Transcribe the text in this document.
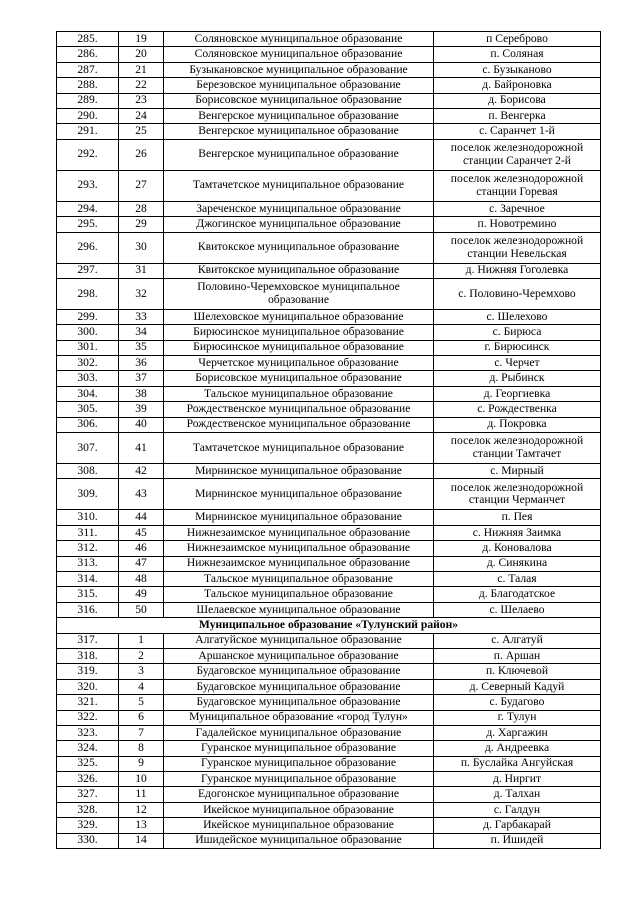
285.	19	Соляновское муниципальное образование	п Сереброво
286.	20	Соляновское муниципальное образование	п. Соляная
287.	21	Бузыкановское муниципальное образование	с. Бузыканово
288.	22	Березовское муниципальное образование	д. Байроновка
289.	23	Борисовское муниципальное образование	д. Борисова
290.	24	Венгерское муниципальное образование	п. Венгерка
291.	25	Венгерское муниципальное образование	с. Саранчет 1-й
292.	26	Венгерское муниципальное образование	поселок железнодорожной станции Саранчет 2-й
293.	27	Тамтачетское муниципальное образование	поселок железнодорожной станции Горевая
294.	28	Зареченское муниципальное образование	с. Заречное
295.	29	Джогинское муниципальное образование	п. Новотремино
296.	30	Квитокское муниципальное образование	поселок железнодорожной станции Невельская
297.	31	Квитокское муниципальное образование	д. Нижняя Гоголевка
298.	32	Половино-Черемховское муниципальное образование	с. Половино-Черемхово
299.	33	Шелеховское муниципальное образование	с. Шелехово
300.	34	Бирюсинское муниципальное образование	с. Бирюса
301.	35	Бирюсинское муниципальное образование	г. Бирюсинск
302.	36	Черчетское муниципальное образование	с. Черчет
303.	37	Борисовское муниципальное образование	д. Рыбинск
304.	38	Тальское муниципальное образование	д. Георгиевка
305.	39	Рождественское муниципальное образование	с. Рождественка
306.	40	Рождественское муниципальное образование	д. Покровка
307.	41	Тамтачетское муниципальное образование	поселок железнодорожной станции Тамтачет
308.	42	Мирнинское муниципальное образование	с. Мирный
309.	43	Мирнинское муниципальное образование	поселок железнодорожной станции Черманчет
310.	44	Мирнинское муниципальное образование	п. Пея
311.	45	Нижнезаимское муниципальное образование	с. Нижняя Заимка
312.	46	Нижнезаимское муниципальное образование	д. Коновалова
313.	47	Нижнезаимское муниципальное образование	д. Синякина
314.	48	Тальское муниципальное образование	с. Талая
315.	49	Тальское муниципальное образование	д. Благодатское
316.	50	Шелаевское муниципальное образование	с. Шелаево
Муниципальное образование «Тулунский район»			
317.	1	Алгатуйское муниципальное образование	с. Алгатуй
318.	2	Аршанское муниципальное образование	п. Аршан
319.	3	Будаговское муниципальное образование	п. Ключевой
320.	4	Будаговское муниципальное образование	д. Северный Кадуй
321.	5	Будаговское муниципальное образование	с. Будагово
322.	6	Муниципальное образование «город Тулун»	г. Тулун
323.	7	Гадалейское муниципальное образование	д. Харгажин
324.	8	Гуранское муниципальное образование	д. Андреевка
325.	9	Гуранское муниципальное образование	п. Буслайка Ангуйская
326.	10	Гуранское муниципальное образование	д. Ниргит
327.	11	Едогонское муниципальное образование	д. Талхан
328.	12	Икейское муниципальное образование	с. Галдун
329.	13	Икейское муниципальное образование	д. Гарбакарай
330.	14	Ишидейское муниципальное образование	п. Ишидей
